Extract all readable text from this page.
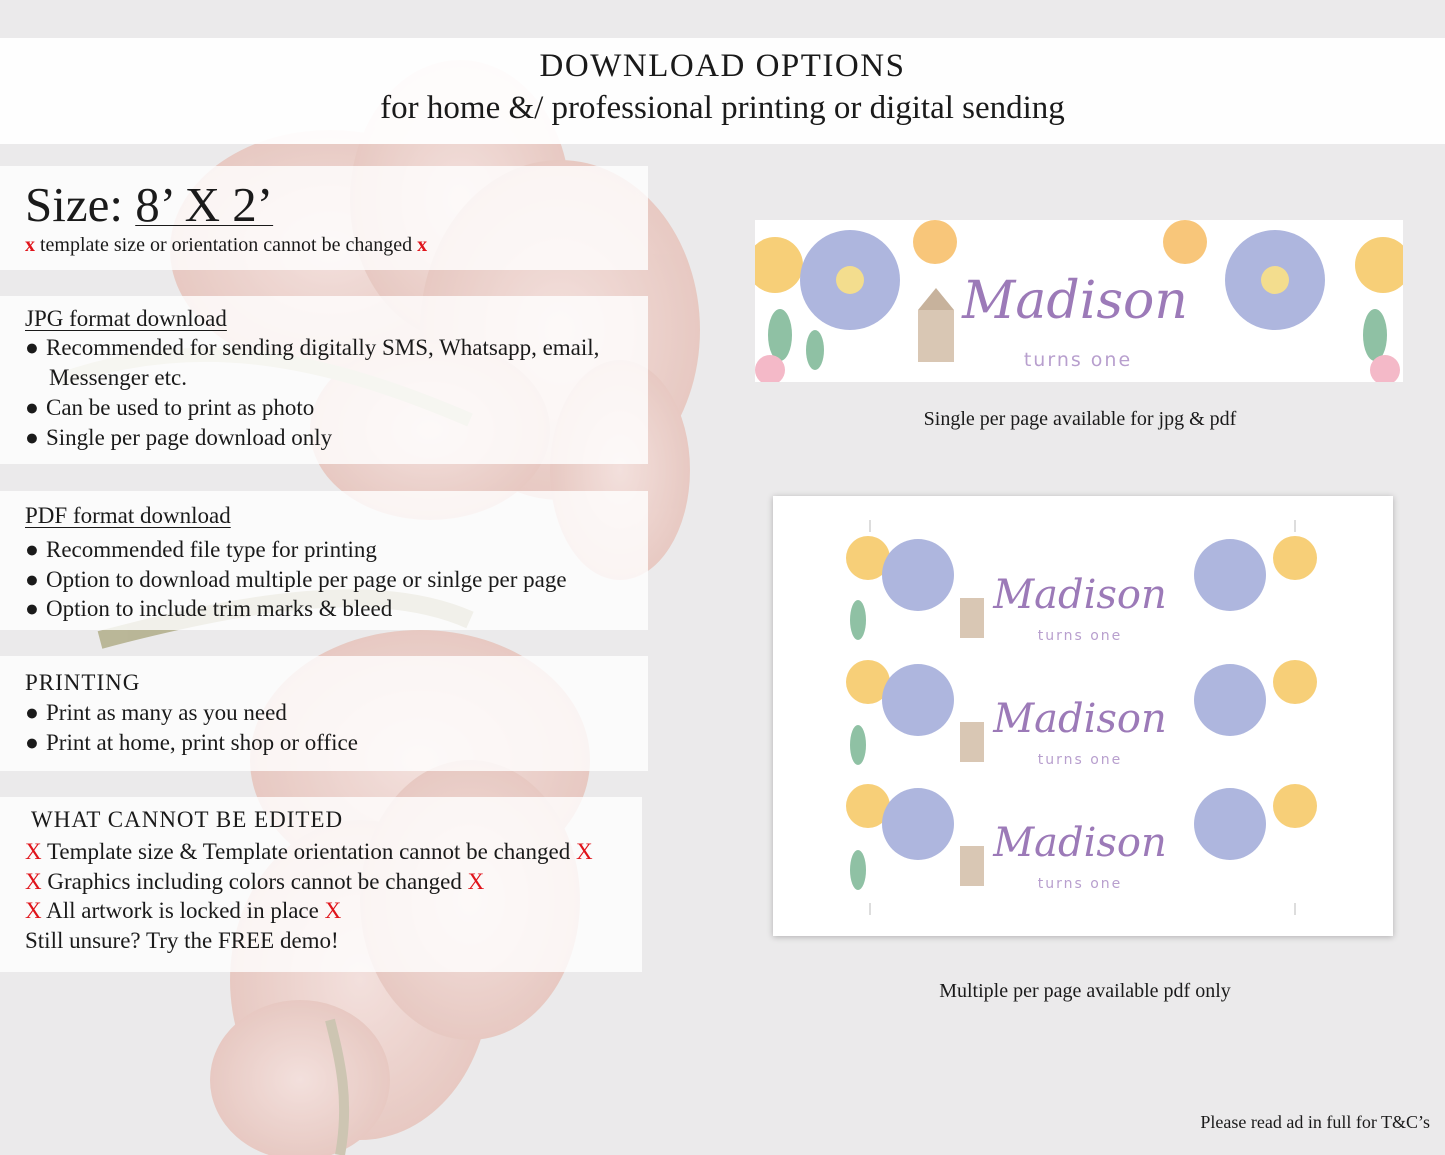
DOWNLOAD OPTIONS
for home &/ professional printing or digital sending
Size: 8’ X 2’
x template size or orientation cannot be changed x
JPG format download
● Recommended for sending digitally SMS, Whatsapp, email,
Messenger etc.
● Can be used to print as photo
● Single per page download only
PDF format download
● Recommended file type for printing
● Option to download multiple per page or sinlge per page
● Option to include trim marks & bleed
PRINTING
● Print as many as you need
● Print at home, print shop or office
WHAT CANNOT BE EDITED
X Template size & Template orientation cannot be changed X
X Graphics including colors cannot be changed X
X All artwork is locked in place X
Still unsure? Try the FREE demo!
Madison
turns one
Single per page available for jpg & pdf
Madison
turns one
Madison
turns one
Madison
turns one
Multiple per page available pdf only
Please read ad in full for T&C’s
